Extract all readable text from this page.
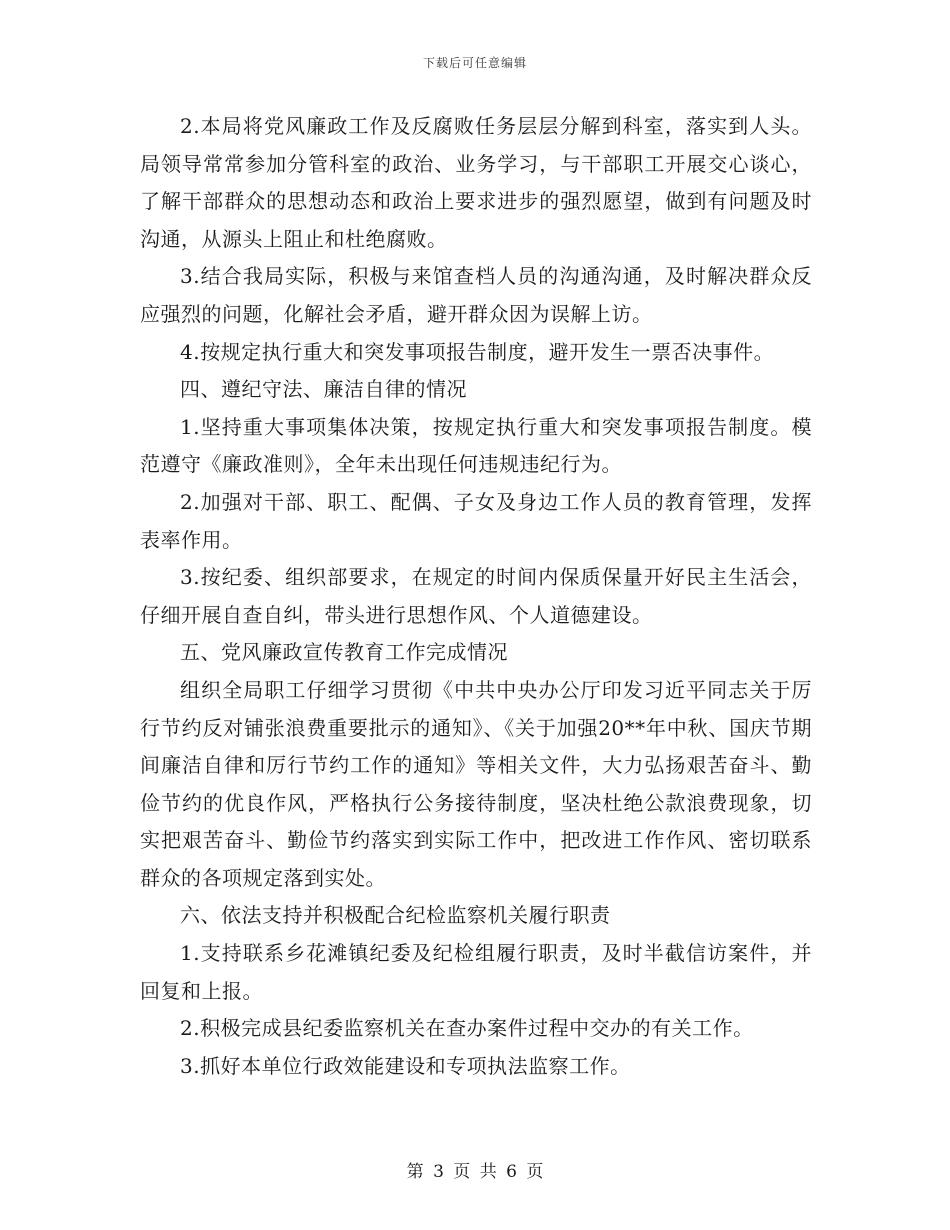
下载后可任意编辑

2.本局将党风廉政工作及反腐败任务层层分解到科室，落实到人头。局领导常常参加分管科室的政治、业务学习，与干部职工开展交心谈心，了解干部群众的思想动态和政治上要求进步的强烈愿望，做到有问题及时沟通，从源头上阻止和杜绝腐败。

3.结合我局实际，积极与来馆查档人员的沟通沟通，及时解决群众反应强烈的问题，化解社会矛盾，避开群众因为误解上访。

4.按规定执行重大和突发事项报告制度，避开发生一票否决事件。

四、遵纪守法、廉洁自律的情况

1.坚持重大事项集体决策，按规定执行重大和突发事项报告制度。模范遵守《廉政准则》，全年未出现任何违规违纪行为。

2.加强对干部、职工、配偶、子女及身边工作人员的教育管理，发挥表率作用。

3.按纪委、组织部要求，在规定的时间内保质保量开好民主生活会，仔细开展自查自纠，带头进行思想作风、个人道德建设。

五、党风廉政宣传教育工作完成情况

组织全局职工仔细学习贯彻《中共中央办公厅印发习近平同志关于厉行节约反对铺张浪费重要批示的通知》、《关于加强20**年中秋、国庆节期间廉洁自律和厉行节约工作的通知》等相关文件，大力弘扬艰苦奋斗、勤俭节约的优良作风，严格执行公务接待制度，坚决杜绝公款浪费现象，切实把艰苦奋斗、勤俭节约落实到实际工作中，把改进工作作风、密切联系群众的各项规定落到实处。

六、依法支持并积极配合纪检监察机关履行职责

1.支持联系乡花滩镇纪委及纪检组履行职责，及时半截信访案件，并回复和上报。

2.积极完成县纪委监察机关在查办案件过程中交办的有关工作。

3.抓好本单位行政效能建设和专项执法监察工作。

第 3 页 共 6 页
